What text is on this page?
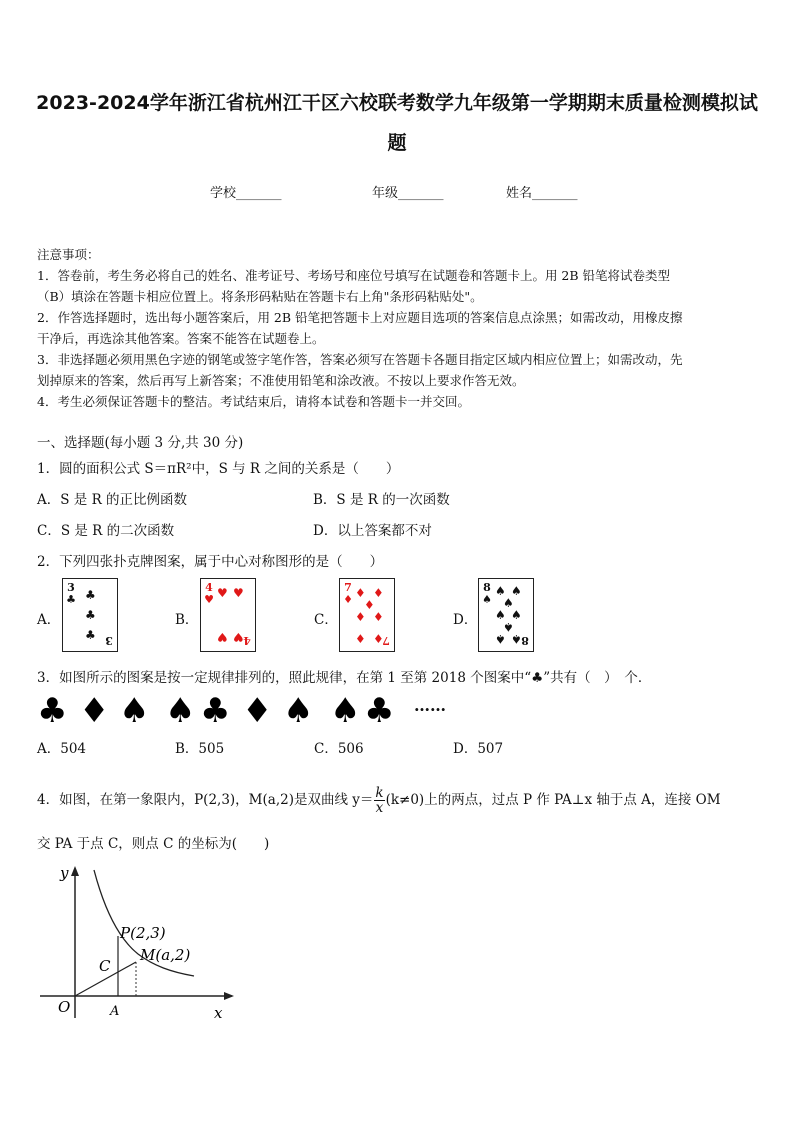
2023-2024学年浙江省杭州江干区六校联考数学九年级第一学期期末质量检测模拟试
题
学校_______	年级_______	姓名_______
注意事项：
1．答卷前，考生务必将自己的姓名、准考证号、考场号和座位号填写在试题卷和答题卡上。用 2B 铅笔将试卷类型
（B）填涂在答题卡相应位置上。将条形码粘贴在答题卡右上角"条形码粘贴处"。
2．作答选择题时，选出每小题答案后，用 2B 铅笔把答题卡上对应题目选项的答案信息点涂黑；如需改动，用橡皮擦
干净后，再选涂其他答案。答案不能答在试题卷上。
3．非选择题必须用黑色字迹的钢笔或签字笔作答，答案必须写在答题卡各题目指定区域内相应位置上；如需改动，先
划掉原来的答案，然后再写上新答案；不准使用铅笔和涂改液。不按以上要求作答无效。
4．考生必须保证答题卡的整洁。考试结束后，请将本试卷和答题卡一并交回。
一、选择题(每小题 3 分,共 30 分)
1．圆的面积公式 S＝πR²中，S 与 R 之间的关系是（　　）
A．S 是 R 的正比例函数	B．S 是 R 的一次函数
C．S 是 R 的二次函数	D．以上答案都不对
2．下列四张扑克牌图案，属于中心对称图形的是（　　）
A．
3
♣ ♣
♣
♣ 3
B．
4
♥ ♥ ♥
♥ ♥ 4
C．
7
♦ ♦ ♦
♦
♦ ♦
♦ ♦
7
D．
8
♠
♠ ♠
♠
♠ ♠
♠
♠ ♠ 8
3．如图所示的图案是按一定规律排列的，照此规律，在第 1 至第 2018 个图案中“♣”共有（　）　个．
♣ ♦ ♠ ♠ ♣ ♦ ♠ ♠ ♣ ……
A．504	B．505	C．506	D．507
4．如图，在第一象限内，P(2,3)，M(a,2)是双曲线 $y= \frac{k}{x} (k\ne 0)$上的两点，过点 P 作 PA⊥x 轴于点 A，连接 OM
交 PA 于点 C，则点 C 的坐标为(　　)
y
x
O	A
C
P(2,3)
M(a,2)
